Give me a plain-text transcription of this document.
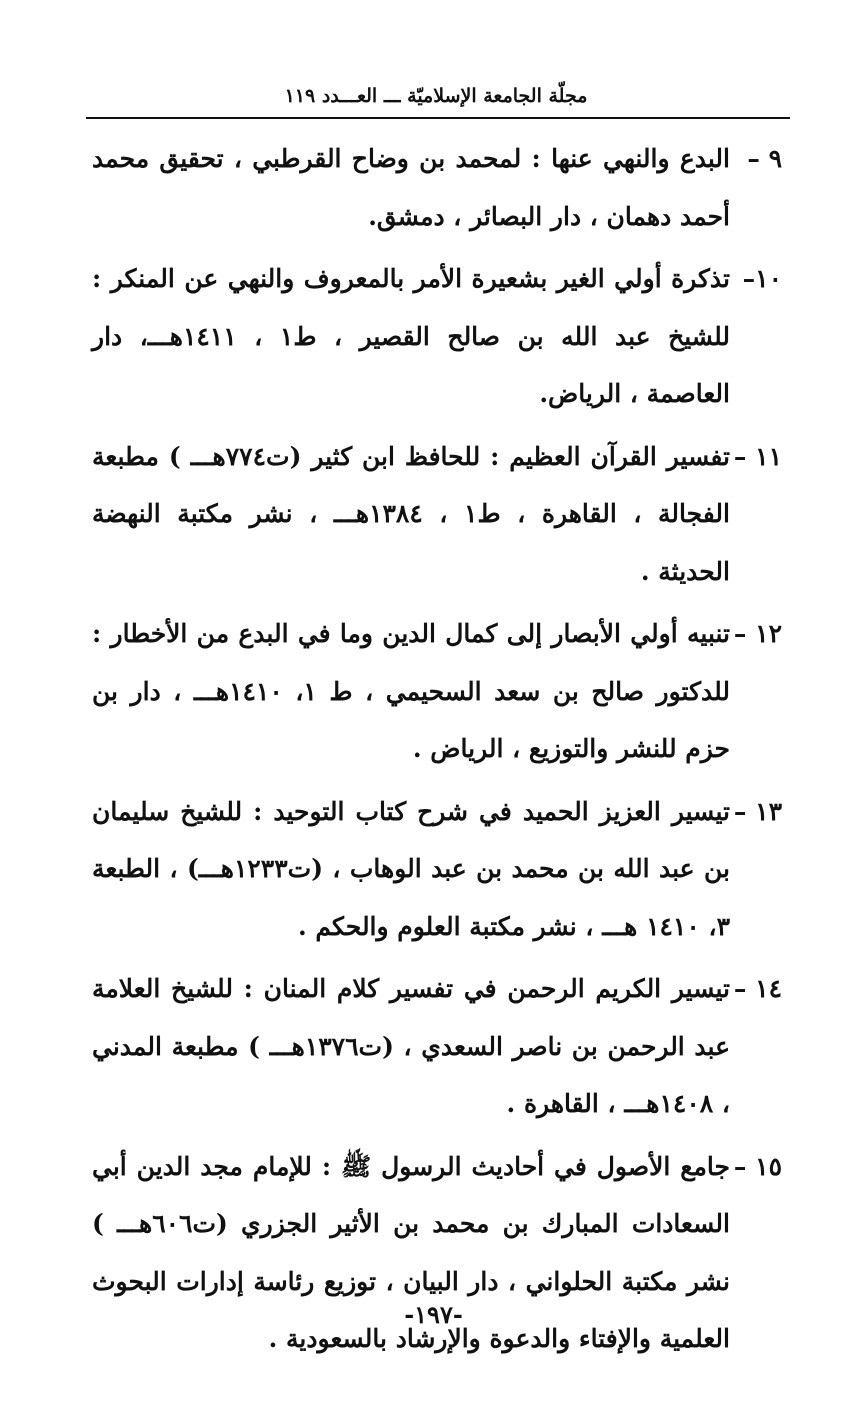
مجلّة الجامعة الإسلاميّة ـــ العـــدد ١١٩
٩ –
البدع والنهي عنها : لمحمد بن وضاح القرطبي ، تحقيق محمد أحمد دهمان ، دار البصائر ، دمشق.
١٠–
تذكرة أولي الغير بشعيرة الأمر بالمعروف والنهي عن المنكر : للشيخ عبد الله بن صالح القصير ، ط١ ، ١٤١١هـــ، دار العاصمة ، الرياض.
١١ –
تفسير القرآن العظيم : للحافظ ابن كثير (ت٧٧٤هـــ ) مطبعة الفجالة ، القاهرة ، ط١ ، ١٣٨٤هـــ ، نشر مكتبة النهضة الحديثة .
١٢ –
تنبيه أولي الأبصار إلى كمال الدين وما في البدع من الأخطار : للدكتور صالح بن سعد السحيمي ، ط ١، ١٤١٠هـــ ، دار بن حزم للنشر والتوزيع ، الرياض .
١٣ –
تيسير العزيز الحميد في شرح كتاب التوحيد : للشيخ سليمان بن عبد الله بن محمد بن عبد الوهاب ، (ت١٢٣٣هـــ) ، الطبعة ٣، ١٤١٠ هـــ ، نشر مكتبة العلوم والحكم .
١٤ –
تيسير الكريم الرحمن في تفسير كلام المنان : للشيخ العلامة عبد الرحمن بن ناصر السعدي ، (ت١٣٧٦هـــ ) مطبعة المدني ، ١٤٠٨هـــ ، القاهرة .
١٥ –
جامع الأصول في أحاديث الرسول ﷺ : للإمام مجد الدين أبي السعادات المبارك بن محمد بن الأثير الجزري (ت٦٠٦هـــ ) نشر مكتبة الحلواني ، دار البيان ، توزيع رئاسة إدارات البحوث العلمية والإفتاء والدعوة والإرشاد بالسعودية .
-١٩٧-
